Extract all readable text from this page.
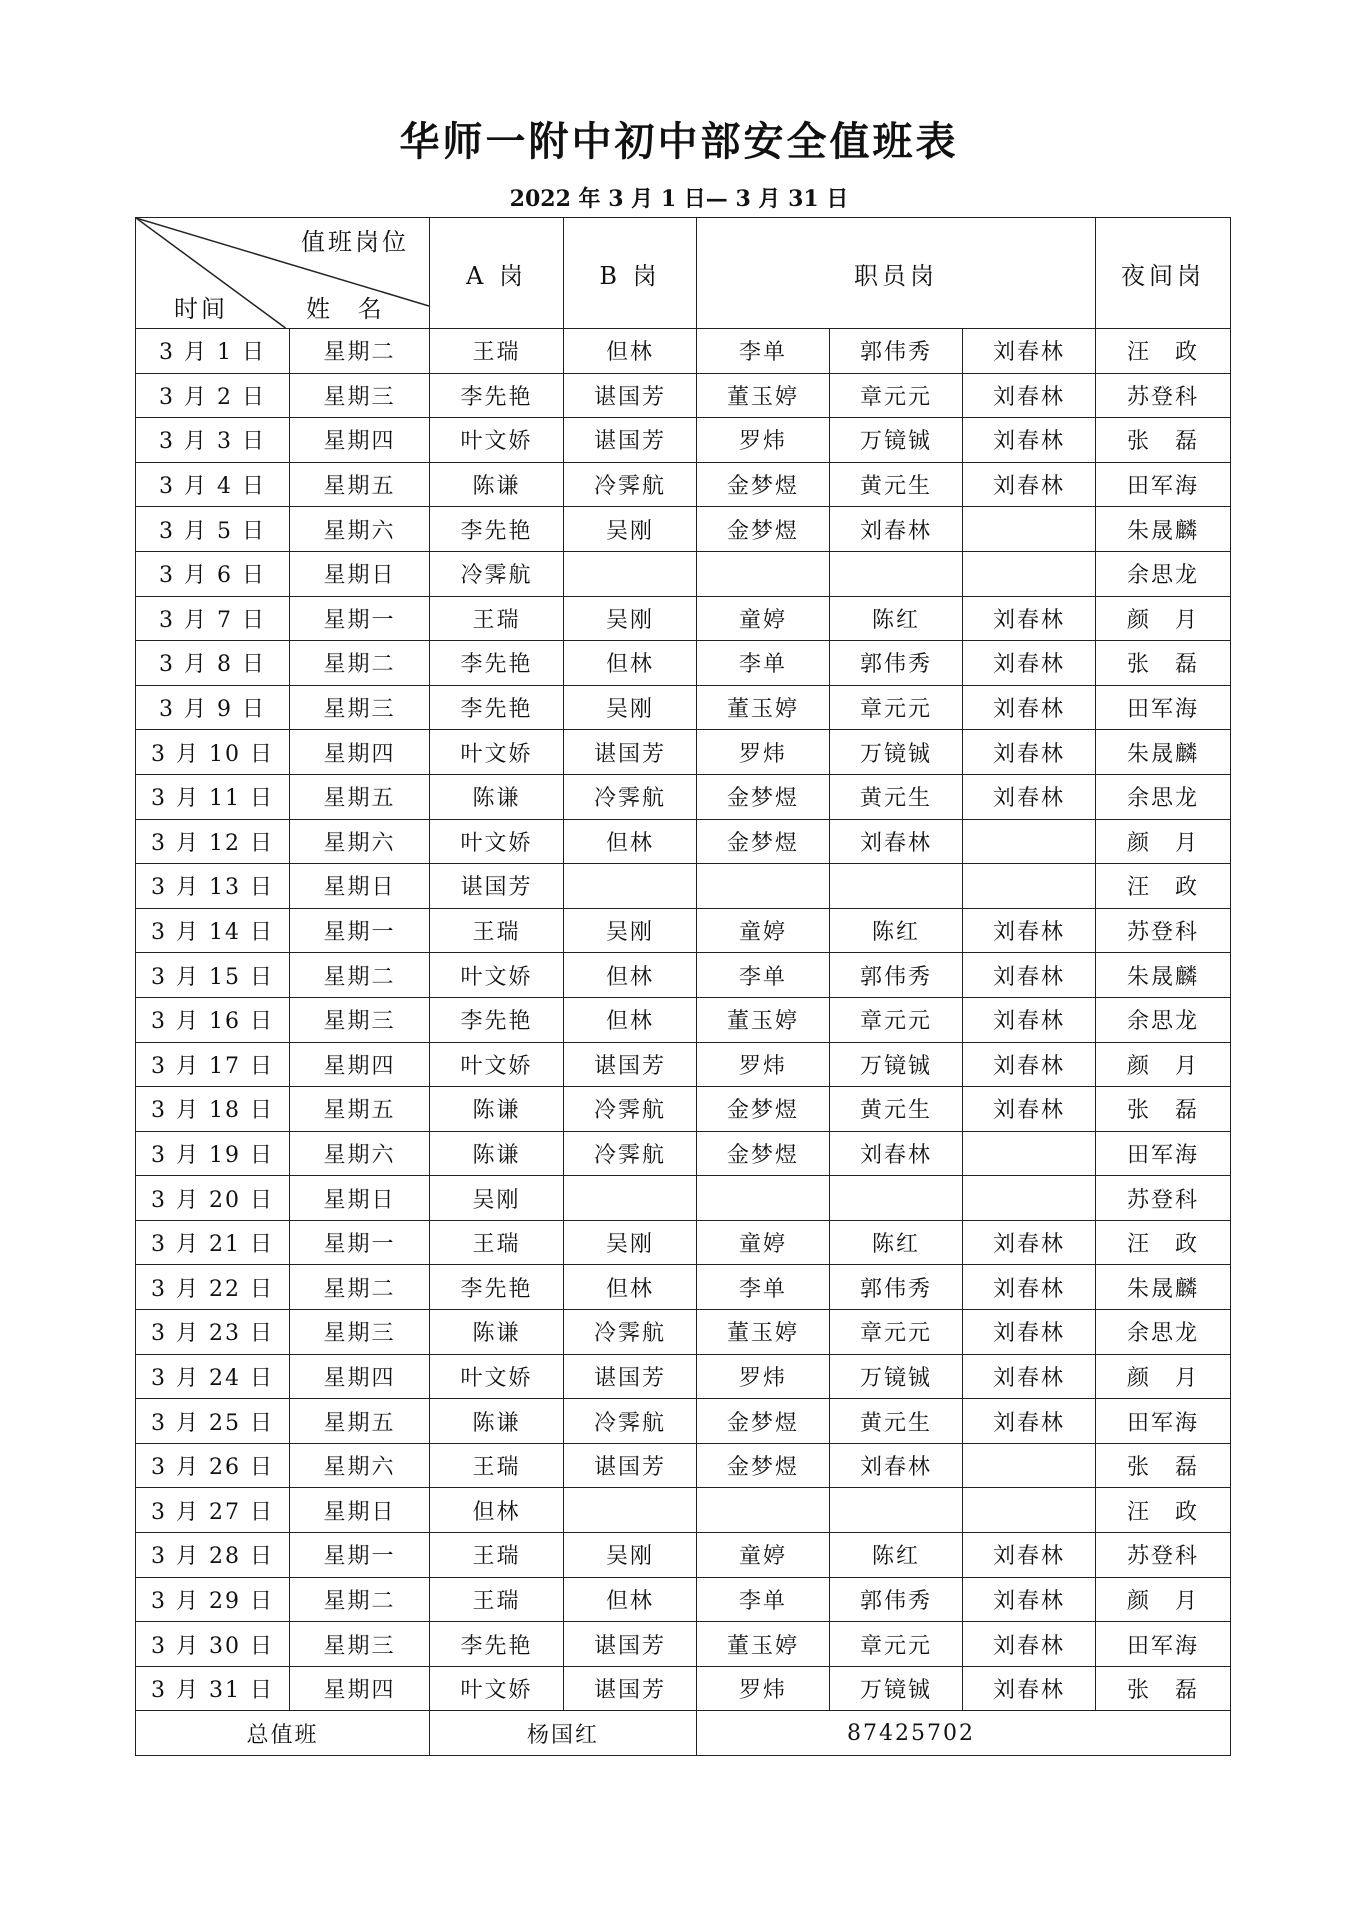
华师一附中初中部安全值班表
2022 年 3 月 1 日— 3 月 31 日
值班岗位
时间 姓 名		A 岗	B 岗	职员岗			夜间岗
3 月 1 日	星期二	王瑞	但林	李单	郭伟秀	刘春林	汪　政
3 月 2 日	星期三	李先艳	谌国芳	董玉婷	章元元	刘春林	苏登科
3 月 3 日	星期四	叶文娇	谌国芳	罗炜	万镜铖	刘春林	张　磊
3 月 4 日	星期五	陈谦	冷霁航	金梦煜	黄元生	刘春林	田军海
3 月 5 日	星期六	李先艳	吴刚	金梦煜	刘春林		朱晟麟
3 月 6 日	星期日	冷霁航					余思龙
3 月 7 日	星期一	王瑞	吴刚	童婷	陈红	刘春林	颜　月
3 月 8 日	星期二	李先艳	但林	李单	郭伟秀	刘春林	张　磊
3 月 9 日	星期三	李先艳	吴刚	董玉婷	章元元	刘春林	田军海
3 月 10 日	星期四	叶文娇	谌国芳	罗炜	万镜铖	刘春林	朱晟麟
3 月 11 日	星期五	陈谦	冷霁航	金梦煜	黄元生	刘春林	余思龙
3 月 12 日	星期六	叶文娇	但林	金梦煜	刘春林		颜　月
3 月 13 日	星期日	谌国芳					汪　政
3 月 14 日	星期一	王瑞	吴刚	童婷	陈红	刘春林	苏登科
3 月 15 日	星期二	叶文娇	但林	李单	郭伟秀	刘春林	朱晟麟
3 月 16 日	星期三	李先艳	但林	董玉婷	章元元	刘春林	余思龙
3 月 17 日	星期四	叶文娇	谌国芳	罗炜	万镜铖	刘春林	颜　月
3 月 18 日	星期五	陈谦	冷霁航	金梦煜	黄元生	刘春林	张　磊
3 月 19 日	星期六	陈谦	冷霁航	金梦煜	刘春林		田军海
3 月 20 日	星期日	吴刚					苏登科
3 月 21 日	星期一	王瑞	吴刚	童婷	陈红	刘春林	汪　政
3 月 22 日	星期二	李先艳	但林	李单	郭伟秀	刘春林	朱晟麟
3 月 23 日	星期三	陈谦	冷霁航	董玉婷	章元元	刘春林	余思龙
3 月 24 日	星期四	叶文娇	谌国芳	罗炜	万镜铖	刘春林	颜　月
3 月 25 日	星期五	陈谦	冷霁航	金梦煜	黄元生	刘春林	田军海
3 月 26 日	星期六	王瑞	谌国芳	金梦煜	刘春林		张　磊
3 月 27 日	星期日	但林					汪　政
3 月 28 日	星期一	王瑞	吴刚	童婷	陈红	刘春林	苏登科
3 月 29 日	星期二	王瑞	但林	李单	郭伟秀	刘春林	颜　月
3 月 30 日	星期三	李先艳	谌国芳	董玉婷	章元元	刘春林	田军海
3 月 31 日	星期四	叶文娇	谌国芳	罗炜	万镜铖	刘春林	张　磊
总值班		杨国红		87425702			
